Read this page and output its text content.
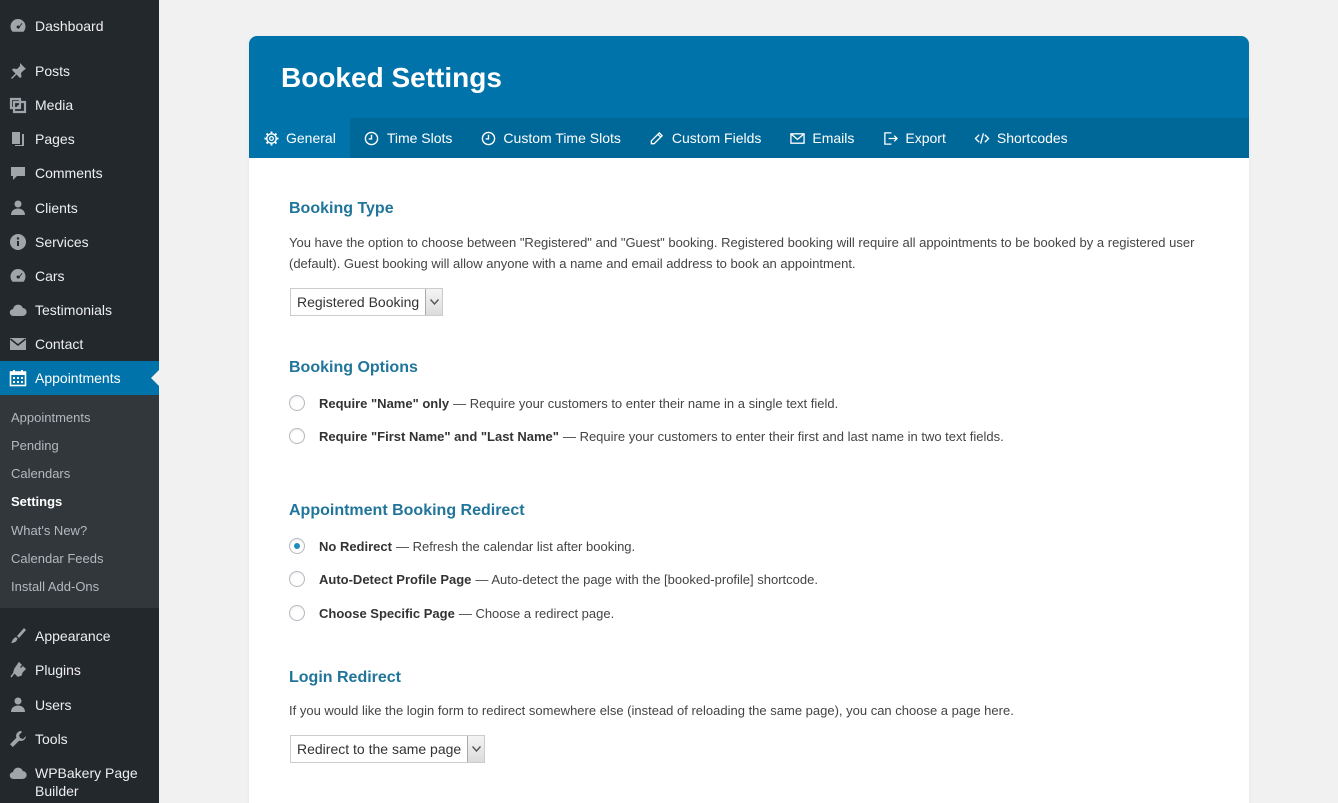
Dashboard
Posts
Media
Pages
Comments
Clients
Services
Cars
Testimonials
Contact
Appointments
Appointments
Pending
Calendars
Settings
What's New?
Calendar Feeds
Install Add-Ons
Appearance
Plugins
Users
Tools
WPBakery Page Builder
Booked Settings
General	Time Slots	Custom Time Slots	Custom Fields	Emails	Export	Shortcodes
Booking Type

You have the option to choose between "Registered" and "Guest" booking. Registered booking will require all appointments to be booked by a registered user (default). Guest booking will allow anyone with a name and email address to book an appointment.

Registered Booking
Booking Options
Require "Name" only — Require your customers to enter their name in a single text field.
Require "First Name" and "Last Name" — Require your customers to enter their first and last name in two text fields.
Appointment Booking Redirect
No Redirect — Refresh the calendar list after booking.
Auto-Detect Profile Page — Auto-detect the page with the [booked-profile] shortcode.
Choose Specific Page — Choose a redirect page.
Login Redirect

If you would like the login form to redirect somewhere else (instead of reloading the same page), you can choose a page here.

Redirect to the same page
